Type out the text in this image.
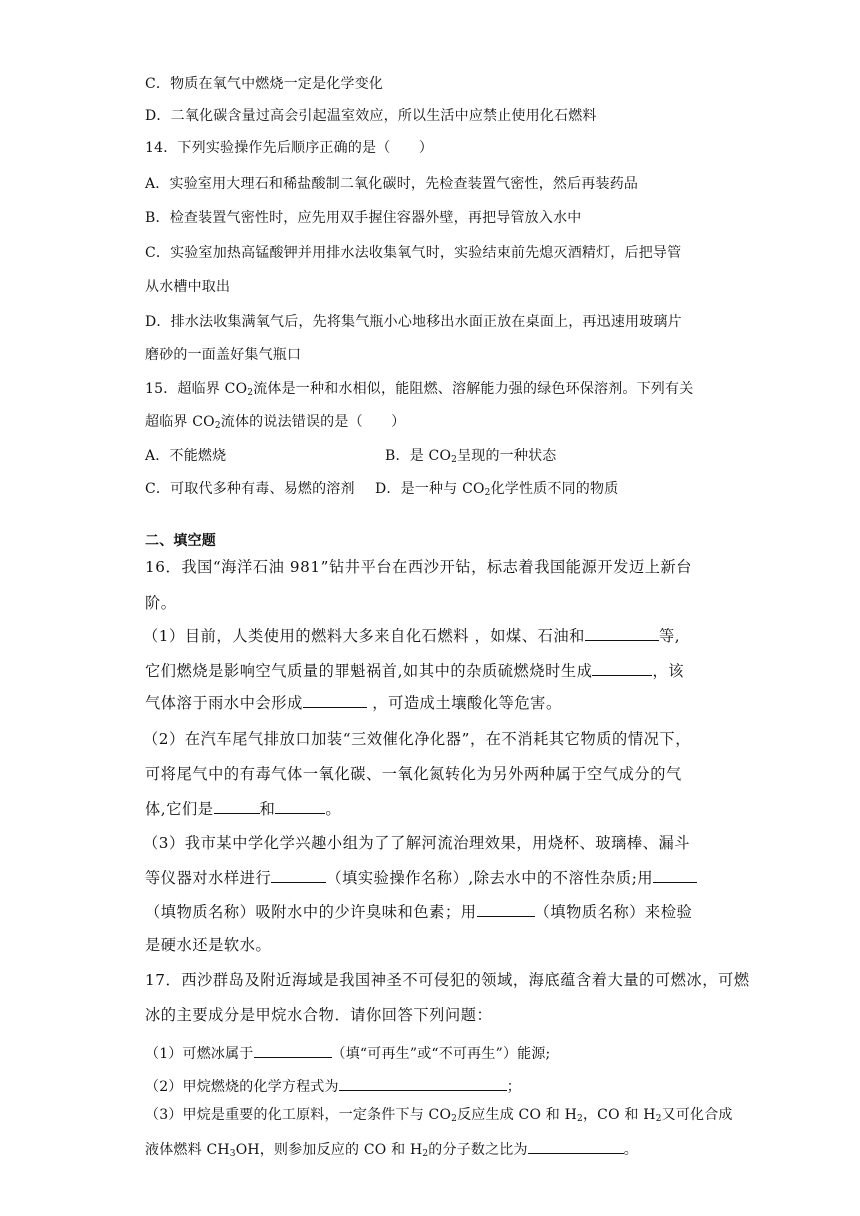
C．物质在氧气中燃烧一定是化学变化
D．二氧化碳含量过高会引起温室效应，所以生活中应禁止使用化石燃料
14．下列实验操作先后顺序正确的是（　　）
A．实验室用大理石和稀盐酸制二氧化碳时，先检查装置气密性，然后再装药品
B．检查装置气密性时，应先用双手握住容器外壁，再把导管放入水中
C．实验室加热高锰酸钾并用排水法收集氧气时，实验结束前先熄灭酒精灯，后把导管
从水槽中取出
D．排水法收集满氧气后，先将集气瓶小心地移出水面正放在桌面上，再迅速用玻璃片
磨砂的一面盖好集气瓶口
15．超临界 $CO_2$流体是一种和水相似，能阻燃、溶解能力强的绿色环保溶剂。下列有关
超临界 $CO_2$流体的说法错误的是（　　）
A．不能燃烧	B．是 $CO_2$呈现的一种状态
C．可取代多种有毒、易燃的溶剂 D．是一种与 $CO_2$化学性质不同的物质
二、填空题
16．我国“海洋石油 981”钻井平台在西沙开钻，标志着我国能源开发迈上新台
阶。
（1）目前，人类使用的燃料大多来自化石燃料 ，如煤、石油和	等,
它们燃烧是影响空气质量的罪魁祸首,如其中的杂质硫燃烧时生成	，该
气体溶于雨水中会形成	，可造成土壤酸化等危害。
（2）在汽车尾气排放口加装“三效催化净化器”，在不消耗其它物质的情况下，
可将尾气中的有毒气体一氧化碳、一氧化氮转化为另外两种属于空气成分的气
体,它们是	和	。
（3）我市某中学化学兴趣小组为了了解河流治理效果，用烧杯、玻璃棒、漏斗
等仪器对水样进行	（填实验操作名称）,除去水中的不溶性杂质;用
（填物质名称）吸附水中的少许臭味和色素；用	（填物质名称）来检验
是硬水还是软水。
17．西沙群岛及附近海域是我国神圣不可侵犯的领域，海底蕴含着大量的可燃冰，可燃
冰的主要成分是甲烷水合物．请你回答下列问题：
（1）可燃冰属于	（填“可再生”或“不可再生”）能源;
（2）甲烷燃烧的化学方程式为	；
（3）甲烷是重要的化工原料，一定条件下与 $CO_2$反应生成 CO 和 $H_2$，CO 和 $H_2$又可化合成
液体燃料 $CH_3OH$，则参加反应的 CO 和 $H_2$的分子数之比为	。
